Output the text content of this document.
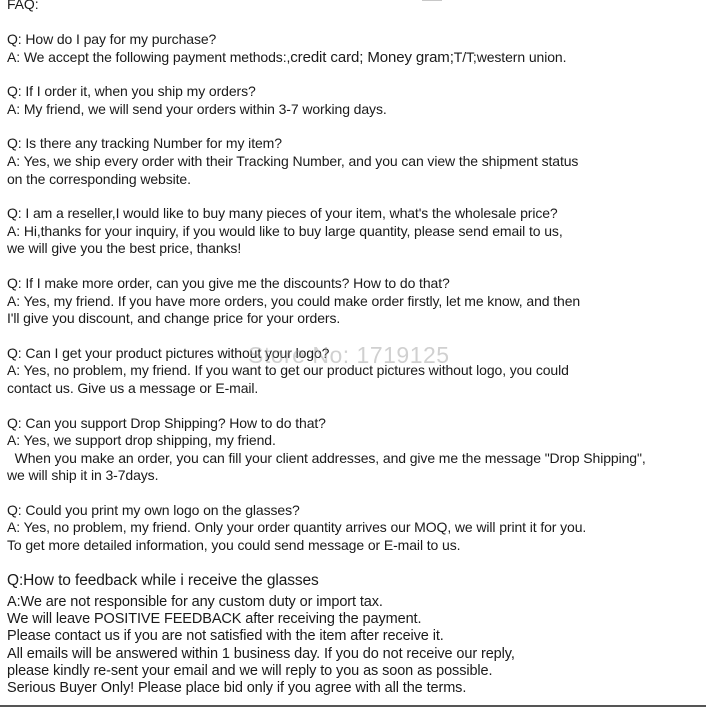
FAQ:
Q: How do I pay for my purchase?
A: We accept the following payment methods:,credit card; Money gram;T/T;western union.
Q: If I order it, when you ship my orders?
A: My friend, we will send your orders within 3-7 working days.
Q: Is there any tracking Number for my item?
A: Yes, we ship every order with their Tracking Number, and you can view the shipment status
on the corresponding website.
Q: I am a reseller,I would like to buy many pieces of your item, what's the wholesale price?
A: Hi,thanks for your inquiry, if you would like to buy large quantity, please send email to us,
we will give you the best price, thanks!
Q: If I make more order, can you give me the discounts? How to do that?
A: Yes, my friend. If you have more orders, you could make order firstly, let me know, and then
I'll give you discount, and change price for your orders.
Q: Can I get your product pictures without your logo?
A: Yes, no problem, my friend. If you want to get our product pictures without logo, you could
contact us. Give us a message or E-mail.
Q: Can you support Drop Shipping? How to do that?
A: Yes, we support drop shipping, my friend.
When you make an order, you can fill your client addresses, and give me the message "Drop Shipping",
we will ship it in 3-7days.
Q: Could you print my own logo on the glasses?
A: Yes, no problem, my friend. Only your order quantity arrives our MOQ, we will print it for you.
To get more detailed information, you could send message or E-mail to us.
Q:How to feedback while i receive the glasses
A:We are not responsible for any custom duty or import tax.
We will leave POSITIVE FEEDBACK after receiving the payment.
Please contact us if you are not satisfied with the item after receive it.
All emails will be answered within 1 business day. If you do not receive our reply,
please kindly re-sent your email and we will reply to you as soon as possible.
Serious Buyer Only! Please place bid only if you agree with all the terms.
Store No: 1719125
